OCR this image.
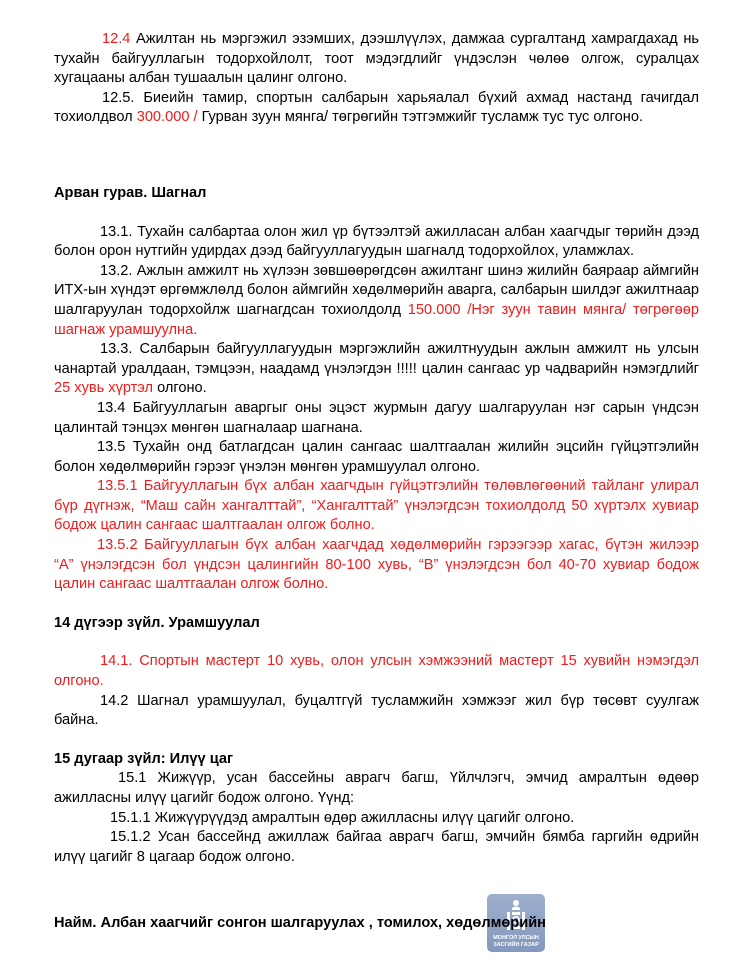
12.4 Ажилтан нь мэргэжил эзэмших, дээшлүүлэх, дамжаа сургалтанд хамрагдахад нь тухайн байгууллагын тодорхойлолт, тоот мэдэгдлийг үндэслэн чөлөө олгож, суралцах хугацааны албан тушаалын цалинг олгоно.

12.5. Биеийн тамир, спортын салбарын харьяалал бүхий ахмад настанд гачигдал тохиолдвол 300.000 / Гурван зуун мянга/ төгрөгийн тэтгэмжийг тусламж тус тус олгоно.

Арван гурав. Шагнал

13.1. Тухайн салбартаа олон жил үр бүтээлтэй ажилласан албан хаагчдыг төрийн дээд болон орон нутгийн удирдах дээд байгууллагуудын шагналд тодорхойлох, уламжлах.

13.2. Ажлын амжилт нь хүлээн зөвшөөрөгдсөн ажилтанг шинэ жилийн баяраар аймгийн ИТХ-ын хүндэт өргөмжлөлд болон аймгийн хөдөлмөрийн аварга, салбарын шилдэг ажилтнаар шалгаруулан тодорхойлж шагнагдсан тохиолдолд 150.000 /Нэг зуун тавин мянга/ төгрөгөөр шагнаж урамшуулна.

13.3. Салбарын байгууллагуудын мэргэжлийн ажилтнуудын ажлын амжилт нь улсын чанартай уралдаан, тэмцээн, наадамд үнэлэгдэн !!!!! цалин сангаас ур чадварийн нэмэгдлийг 25 хувь хүртэл олгоно.

13.4 Байгууллагын аваргыг оны эцэст журмын дагуу шалгаруулан нэг сарын үндсэн цалинтай тэнцэх мөнгөн шагналаар шагнана.

13.5 Тухайн онд батлагдсан цалин сангаас шалтгаалан жилийн эцсийн гүйцэтгэлийн болон хөдөлмөрийн гэрээг үнэлэн мөнгөн урамшуулал олгоно.

13.5.1 Байгууллагын бүх албан хаагчдын гүйцэтгэлийн төлөвлөгөөний тайланг улирал бүр дүгнэж, “Маш сайн хангалттай”, “Хангалттай” үнэлэгдсэн тохиолдолд 50 хүртэлх хувиар бодож цалин сангаас шалтгаалан олгож болно.

13.5.2 Байгууллагын бүх албан хаагчдад хөдөлмөрийн гэрээгээр хагас, бүтэн жилээр “А” үнэлэгдсэн бол үндсэн цалингийн 80-100 хувь, “В” үнэлэгдсэн бол 40-70 хувиар бодож цалин сангаас шалтгаалан олгож болно.

14 дүгээр зүйл. Урамшуулал

14.1. Спортын мастерт 10 хувь, олон улсын хэмжээний мастерт 15 хувийн нэмэгдэл олгоно.

14.2 Шагнал урамшуулал, буцалтгүй тусламжийн хэмжээг жил бүр төсөвт суулгаж байна.

15 дугаар зүйл: Илүү цаг

15.1 Жижүүр, усан бассейны аврагч багш, Үйлчлэгч, эмчид амралтын өдөөр ажилласны илүү цагийг бодож олгоно. Үүнд:

15.1.1 Жижүүрүүдэд амралтын өдөр ажилласны илүү цагийг олгоно.

15.1.2 Усан бассейнд ажиллаж байгаа аврагч багш, эмчийн бямба гаргийн өдрийн илүү цагийг 8 цагаар бодож олгоно.

МОНГОЛ УЛСЫН
ЗАСГИЙН ГАЗАР

Найм. Албан хаагчийг сонгон шалгаруулах , томилох, хөдөлмөрийн
